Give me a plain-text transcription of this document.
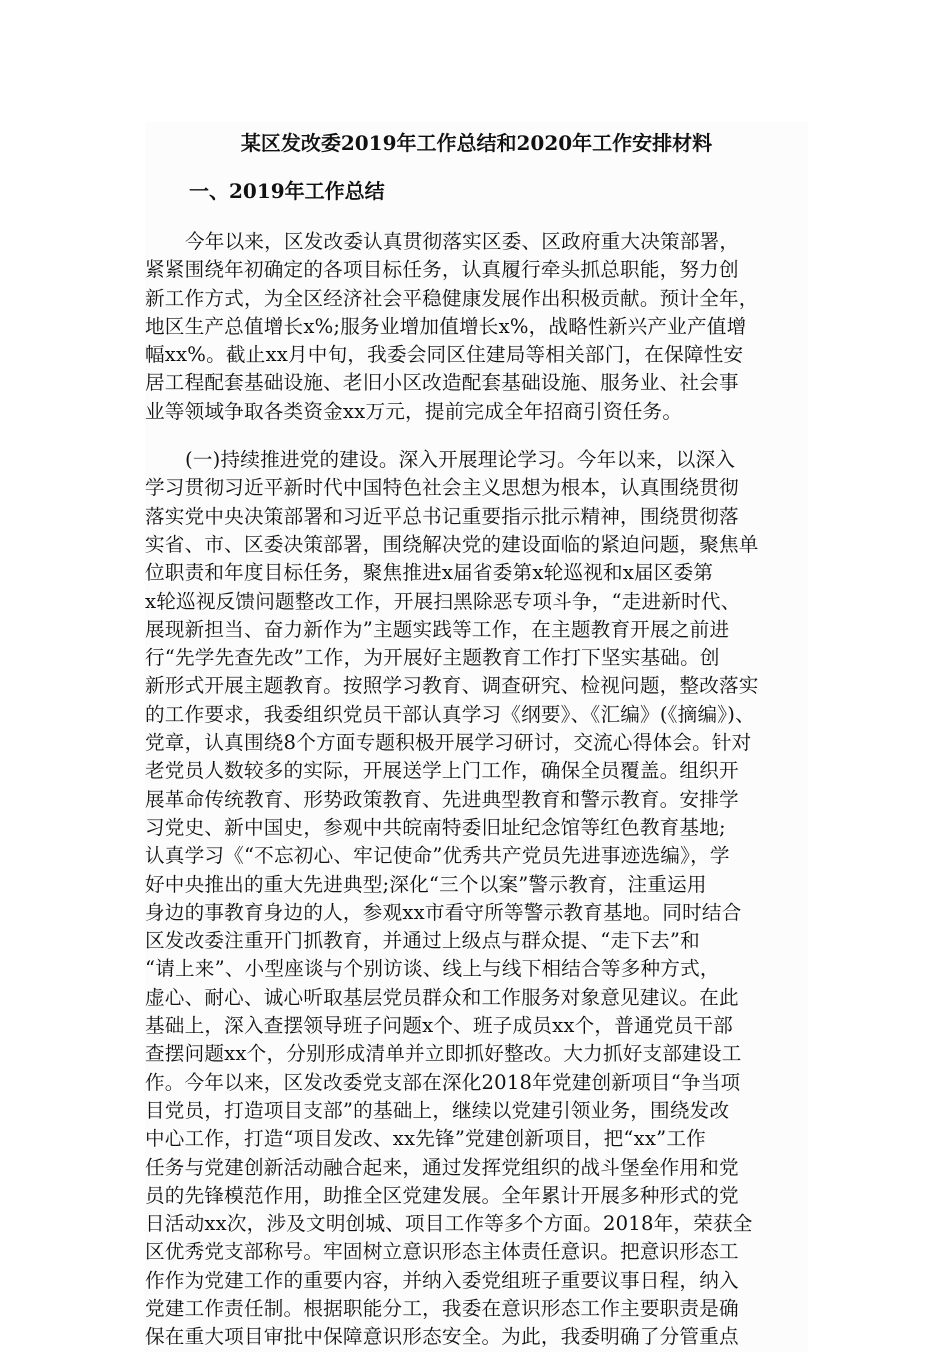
某区发改委2019年工作总结和2020年工作安排材料
一、2019年工作总结

今年以来，区发改委认真贯彻落实区委、区政府重大决策部署，
紧紧围绕年初确定的各项目标任务，认真履行牵头抓总职能，努力创
新工作方式，为全区经济社会平稳健康发展作出积极贡献。预计全年，
地区生产总值增长x%;服务业增加值增长x%，战略性新兴产业产值增
幅xx%。截止xx月中旬，我委会同区住建局等相关部门，在保障性安
居工程配套基础设施、老旧小区改造配套基础设施、服务业、社会事
业等领域争取各类资金xx万元，提前完成全年招商引资任务。

(一)持续推进党的建设。深入开展理论学习。今年以来，以深入
学习贯彻习近平新时代中国特色社会主义思想为根本，认真围绕贯彻
落实党中央决策部署和习近平总书记重要指示批示精神，围绕贯彻落
实省、市、区委决策部署，围绕解决党的建设面临的紧迫问题，聚焦单
位职责和年度目标任务，聚焦推进x届省委第x轮巡视和x届区委第
x轮巡视反馈问题整改工作，开展扫黑除恶专项斗争，“走进新时代、
展现新担当、奋力新作为”主题实践等工作，在主题教育开展之前进
行“先学先查先改”工作，为开展好主题教育工作打下坚实基础。创
新形式开展主题教育。按照学习教育、调查研究、检视问题，整改落实
的工作要求，我委组织党员干部认真学习《纲要》、《汇编》(《摘编》)、
党章，认真围绕8个方面专题积极开展学习研讨，交流心得体会。针对
老党员人数较多的实际，开展送学上门工作，确保全员覆盖。组织开
展革命传统教育、形势政策教育、先进典型教育和警示教育。安排学
习党史、新中国史，参观中共皖南特委旧址纪念馆等红色教育基地;
认真学习《“不忘初心、牢记使命”优秀共产党员先进事迹选编》，学
好中央推出的重大先进典型;深化“三个以案”警示教育，注重运用
身边的事教育身边的人，参观xx市看守所等警示教育基地。同时结合
区发改委注重开门抓教育，并通过上级点与群众提、“走下去”和
“请上来”、小型座谈与个别访谈、线上与线下相结合等多种方式，
虚心、耐心、诚心听取基层党员群众和工作服务对象意见建议。在此
基础上，深入查摆领导班子问题x个、班子成员xx个，普通党员干部
查摆问题xx个，分别形成清单并立即抓好整改。大力抓好支部建设工
作。今年以来，区发改委党支部在深化2018年党建创新项目“争当项
目党员，打造项目支部”的基础上，继续以党建引领业务，围绕发改
中心工作，打造“项目发改、xx先锋”党建创新项目，把“xx”工作
任务与党建创新活动融合起来，通过发挥党组织的战斗堡垒作用和党
员的先锋模范作用，助推全区党建发展。全年累计开展多种形式的党
日活动xx次，涉及文明创城、项目工作等多个方面。2018年，荣获全
区优秀党支部称号。牢固树立意识形态主体责任意识。把意识形态工
作作为党建工作的重要内容，并纳入委党组班子重要议事日程，纳入
党建工作责任制。根据职能分工，我委在意识形态工作主要职责是确
保在重大项目审批中保障意识形态安全。为此，我委明确了分管重点
